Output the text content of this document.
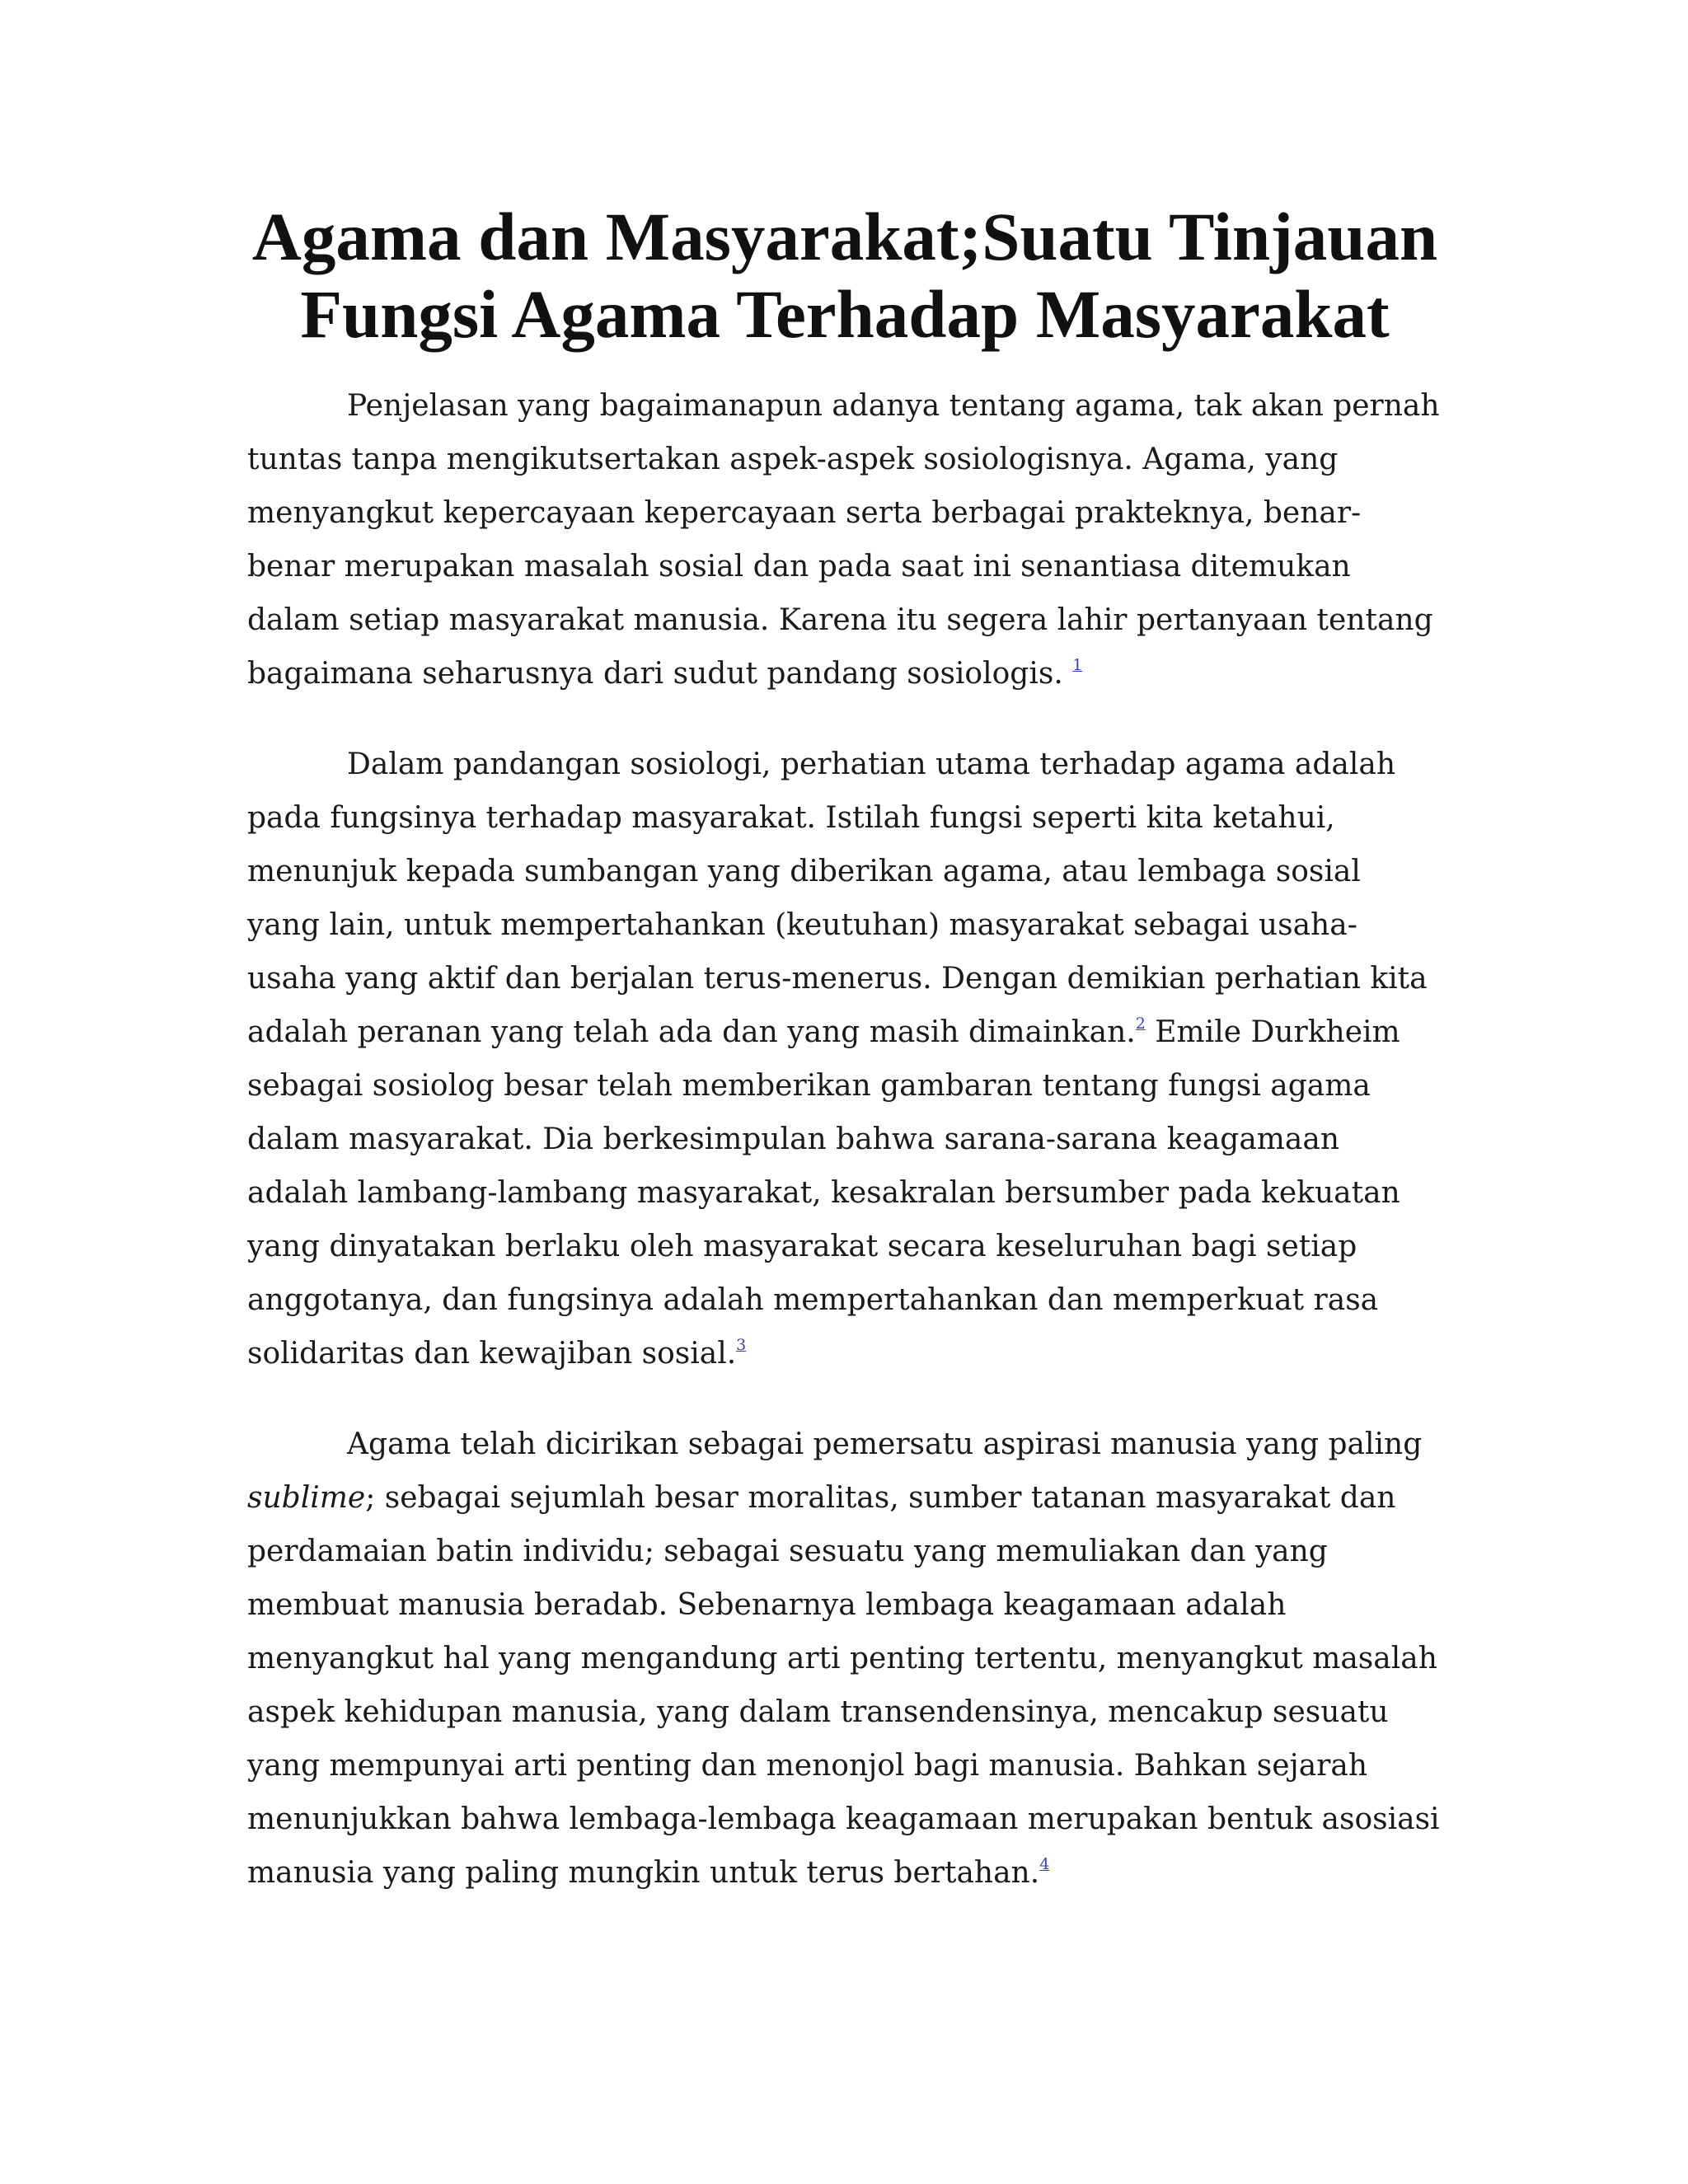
Agama dan Masyarakat;Suatu Tinjauan
Fungsi Agama Terhadap Masyarakat

Penjelasan yang bagaimanapun adanya tentang agama, tak akan pernah tuntas tanpa mengikutsertakan aspek-aspek sosiologisnya. Agama, yang menyangkut kepercayaan kepercayaan serta berbagai prakteknya, benar-benar merupakan masalah sosial dan pada saat ini senantiasa ditemukan dalam setiap masyarakat manusia. Karena itu segera lahir pertanyaan tentang bagaimana seharusnya dari sudut pandang sosiologis. $^1$

Dalam pandangan sosiologi, perhatian utama terhadap agama adalah pada fungsinya terhadap masyarakat. Istilah fungsi seperti kita ketahui, menunjuk kepada sumbangan yang diberikan agama, atau lembaga sosial yang lain, untuk mempertahankan (keutuhan) masyarakat sebagai usaha-usaha yang aktif dan berjalan terus-menerus. Dengan demikian perhatian kita adalah peranan yang telah ada dan yang masih dimainkan.$^2$ Emile Durkheim sebagai sosiolog besar telah memberikan gambaran tentang fungsi agama dalam masyarakat. Dia berkesimpulan bahwa sarana-sarana keagamaan adalah lambang-lambang masyarakat, kesakralan bersumber pada kekuatan yang dinyatakan berlaku oleh masyarakat secara keseluruhan bagi setiap anggotanya, dan fungsinya adalah mempertahankan dan memperkuat rasa solidaritas dan kewajiban sosial.$^3$

Agama telah dicirikan sebagai pemersatu aspirasi manusia yang paling sublime; sebagai sejumlah besar moralitas, sumber tatanan masyarakat dan perdamaian batin individu; sebagai sesuatu yang memuliakan dan yang membuat manusia beradab. Sebenarnya lembaga keagamaan adalah menyangkut hal yang mengandung arti penting tertentu, menyangkut masalah aspek kehidupan manusia, yang dalam transendensinya, mencakup sesuatu yang mempunyai arti penting dan menonjol bagi manusia. Bahkan sejarah menunjukkan bahwa lembaga-lembaga keagamaan merupakan bentuk asosiasi manusia yang paling mungkin untuk terus bertahan.$^4$
